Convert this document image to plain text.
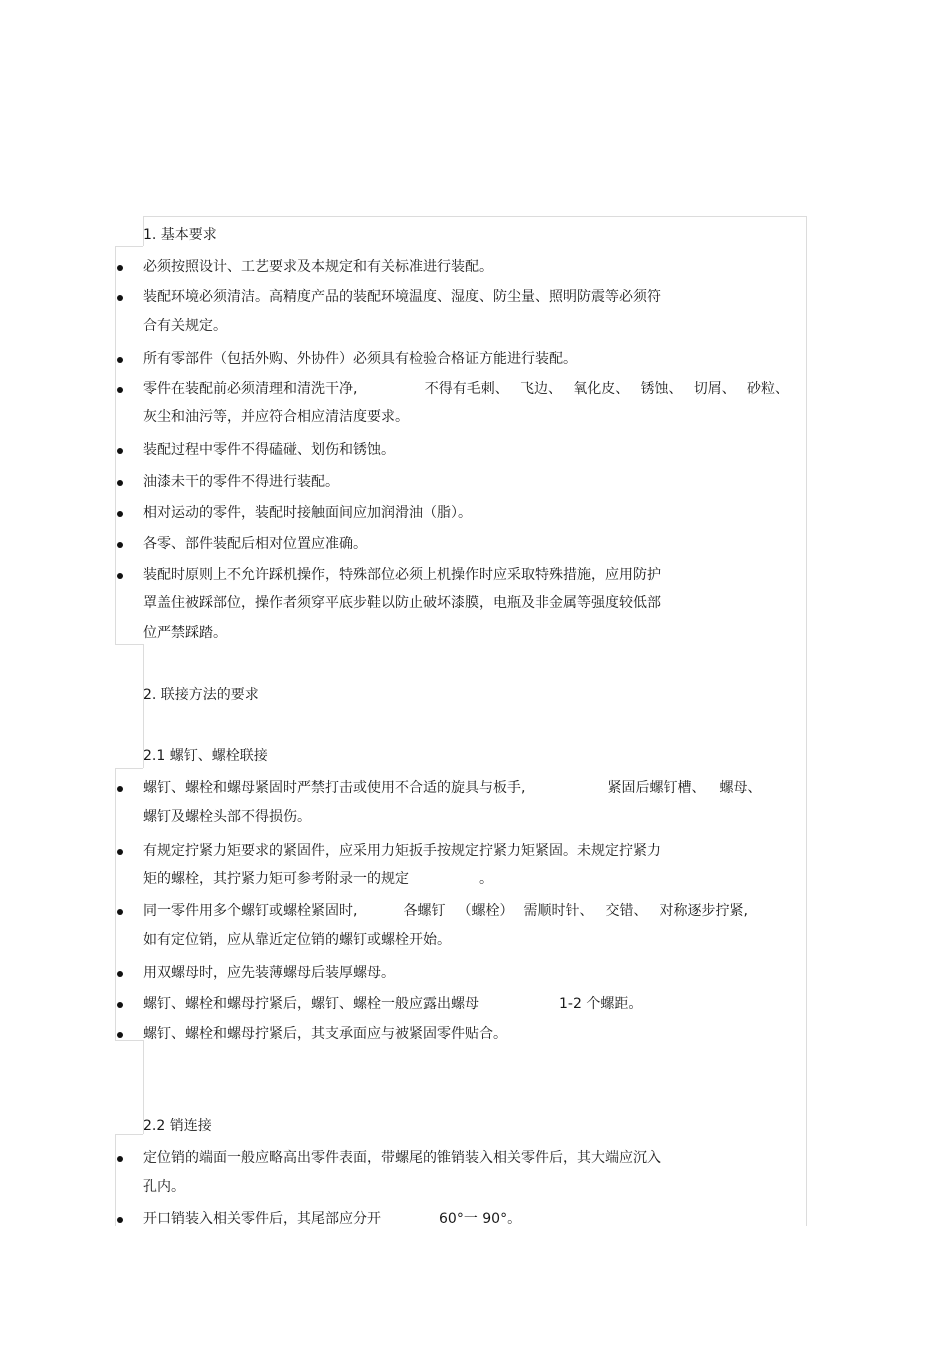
1. 基本要求
必须按照设计、工艺要求及本规定和有关标准进行装配。
装配环境必须清洁。高精度产品的装配环境温度、湿度、防尘量、照明防震等必须符
合有关规定。
所有零部件（包括外购、外协件）必须具有检验合格证方能进行装配。
零件在装配前必须清理和清洗干净,	不得有毛刺、 飞边、 氧化皮、 锈蚀、 切屑、 砂粒、
灰尘和油污等，并应符合相应清洁度要求。
装配过程中零件不得磕碰、划伤和锈蚀。
油漆未干的零件不得进行装配。
相对运动的零件，装配时接触面间应加润滑油（脂）。
各零、部件装配后相对位置应准确。
装配时原则上不允许踩机操作，特殊部位必须上机操作时应采取特殊措施，应用防护
罩盖住被踩部位，操作者须穿平底步鞋以防止破坏漆膜，电瓶及非金属等强度较低部
位严禁踩踏。
2. 联接方法的要求
2.1 螺钉、螺栓联接
螺钉、螺栓和螺母紧固时严禁打击或使用不合适的旋具与板手,	紧固后螺钉槽、 螺母、
螺钉及螺栓头部不得损伤。
有规定拧紧力矩要求的紧固件，应采用力矩扳手按规定拧紧力矩紧固。未规定拧紧力
矩的螺栓，其拧紧力矩可参考附录一的规定	。
同一零件用多个螺钉或螺栓紧固时,	各螺钉 （螺栓） 需顺时针、 交错、 对称逐步拧紧,
如有定位销，应从靠近定位销的螺钉或螺栓开始。
用双螺母时，应先装薄螺母后装厚螺母。
螺钉、螺栓和螺母拧紧后，螺钉、螺栓一般应露出螺母	1-2 个螺距。
螺钉、螺栓和螺母拧紧后，其支承面应与被紧固零件贴合。
2.2 销连接
定位销的端面一般应略高出零件表面，带螺尾的锥销装入相关零件后，其大端应沉入
孔内。
开口销装入相关零件后，其尾部应分开	60°一 90°。
